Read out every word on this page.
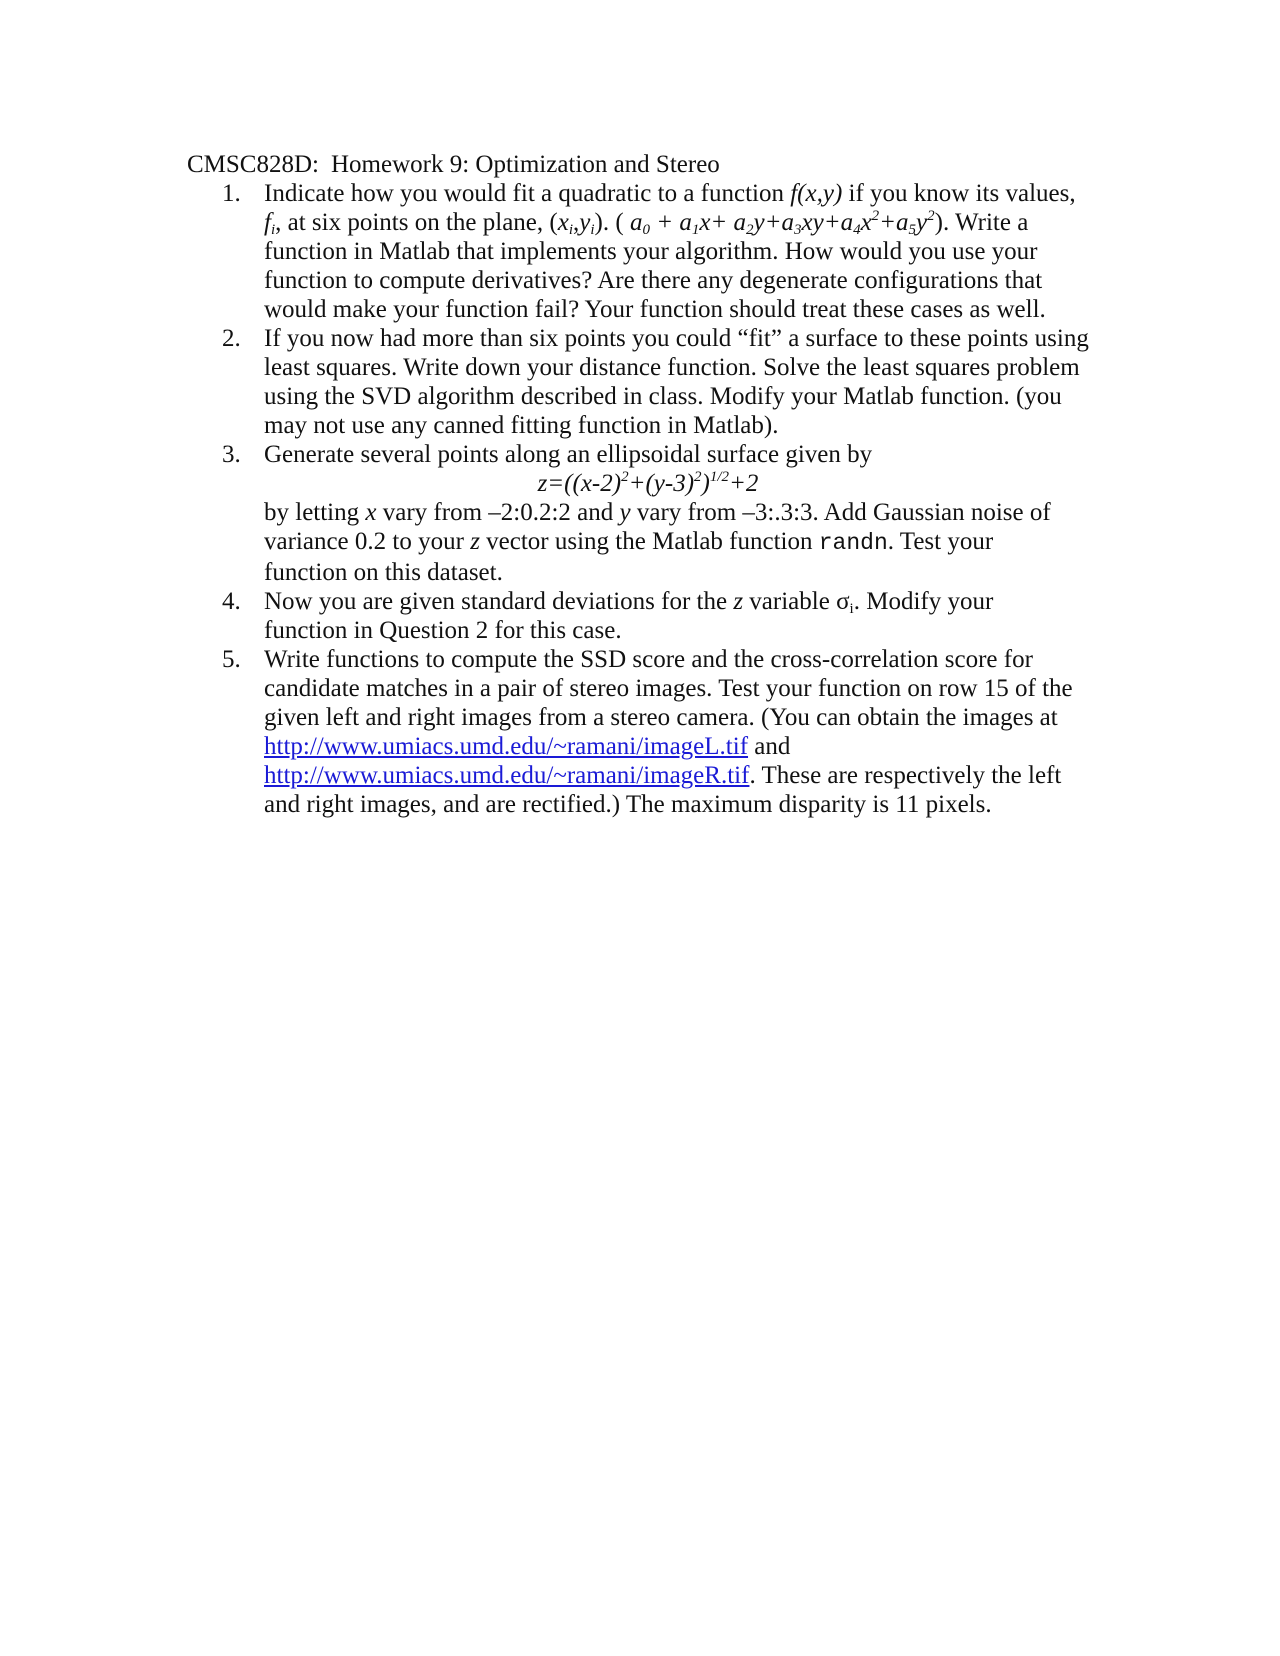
CMSC828D: Homework 9: Optimization and Stereo
1. Indicate how you would fit a quadratic to a function f(x,y) if you know its values,
$f_i$, at six points on the plane, $(x_i,y_i)$. ( $a_0 + a_1x+ a_2y+a_3xy+a_4x^2+a_5y^2$). Write a
function in Matlab that implements your algorithm. How would you use your
function to compute derivatives? Are there any degenerate configurations that
would make your function fail? Your function should treat these cases as well.
2. If you now had more than six points you could “fit” a surface to these points using
least squares. Write down your distance function. Solve the least squares problem
using the SVD algorithm described in class. Modify your Matlab function. (you
may not use any canned fitting function in Matlab).
3. Generate several points along an ellipsoidal surface given by
$z=((x-2)^2+(y-3)^2)^{1/2}+2$
by letting x vary from –2:0.2:2 and y vary from –3:.3:3. Add Gaussian noise of
variance 0.2 to your z vector using the Matlab function randn. Test your
function on this dataset.
4. Now you are given standard deviations for the z variable $\sigma_i$. Modify your
function in Question 2 for this case.
5. Write functions to compute the SSD score and the cross-correlation score for
candidate matches in a pair of stereo images. Test your function on row 15 of the
given left and right images from a stereo camera. (You can obtain the images at
http://www.umiacs.umd.edu/~ramani/imageL.tif and
http://www.umiacs.umd.edu/~ramani/imageR.tif. These are respectively the left
and right images, and are rectified.) The maximum disparity is 11 pixels.
